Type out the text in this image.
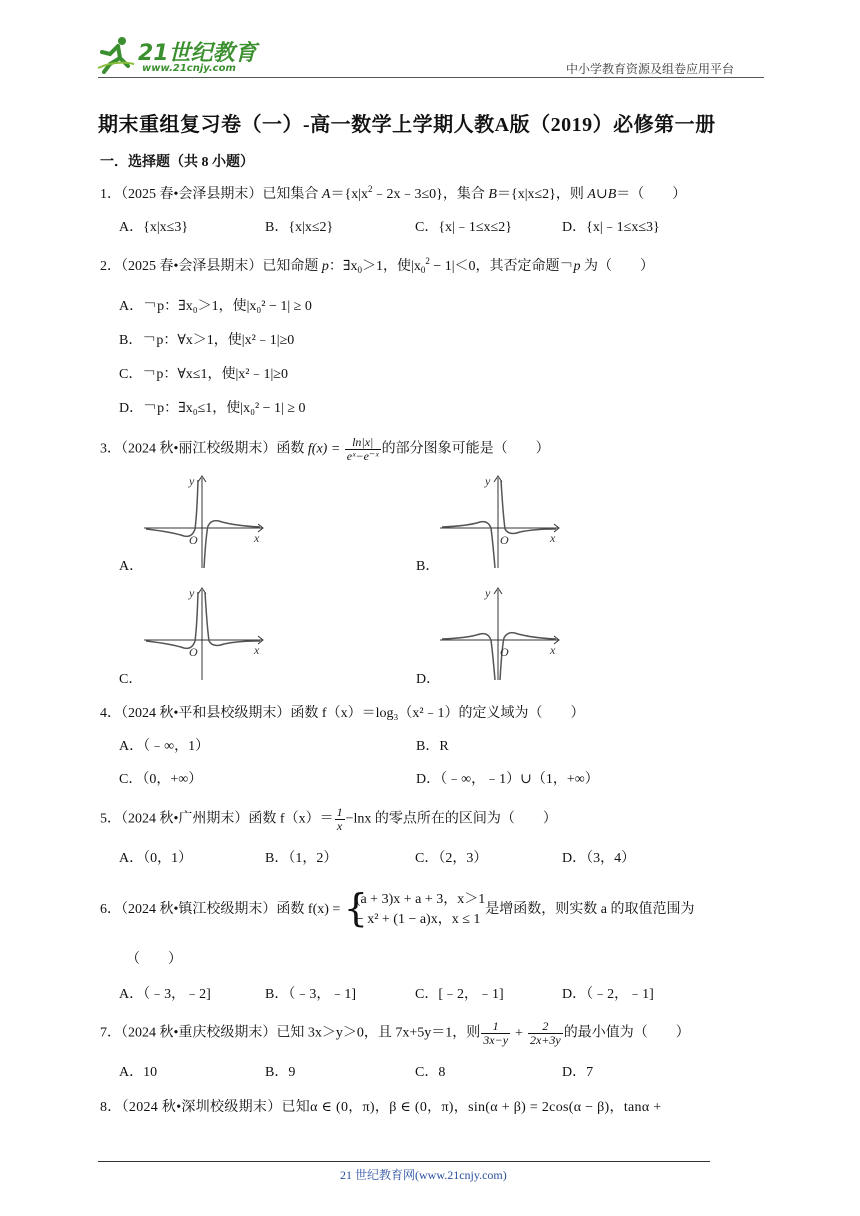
21世纪教育
www.21cnjy.com	中小学教育资源及组卷应用平台
期末重组复习卷（一）-高一数学上学期人教A版（2019）必修第一册
一．选择题（共 8 小题）
1．（2025 春•会泽县期末）已知集合 $A=\{x|x^2﹣2x﹣3\le 0\}$，集合 B＝{x|x≤2}，则 A∪B＝（　　）
A．{x|x≤3}	B．{x|x≤2}	C．{x|﹣1≤x≤2}	D．{x|﹣1≤x≤3}
2．（2025 春•会泽县期末）已知命题 p：$\exists x_0>1$，使$|x_0^2 - 1|<0$，其否定命题￢p 为（　　）
A．￢p：∃x₀＞1，使|x₀² − 1| ≥ 0
B．￢p：∀x＞1，使|x²﹣1|≥0
C．￢p：∀x≤1，使|x²﹣1|≥0
D．￢p：∃x₀≤1，使|x₀² − 1| ≥ 0
3．（2024 秋•丽江校级期末）函数 $f(x) = \frac{\ln|x|}{\text{eˣ−e⁻ˣ}}$ 的部分图象可能是（　　）
A．
y
x
O
B．
y
x
O
C．
y
x
O
D．
y
x
O
4．（2024 秋•平和县校级期末）函数 f（x）＝log₃（x²﹣1）的定义域为（　　）
A．（﹣∞，1）	B．R
C．（0，+∞）	D．（﹣∞，﹣1）∪（1，+∞）
5．（2024 秋•广州期末）函数 $f(x)= \frac{1}{x} -\ln x$ 的零点所在的区间为（　　）
A．（0，1）	B．（1，2）	C．（2，3）	D．（3，4）
6．（2024 秋•镇江校级期末）函数 f(x) = {
(a + 3)x + a + 3，x＞1
− x² + (1 − a)x，x ≤ 1
是增函数，则实数 a 的取值范围为
（　　）
A．（﹣3，﹣2]	B．（﹣3，﹣1]	C．[﹣2，﹣1]	D．（﹣2，﹣1]
7．（2024 秋•重庆校级期末）已知 3x＞y＞0，且 7x+5y＝1，则 $\frac{1}{3x-y} + \frac{2}{2x+3y}$ 的最小值为（　　）
A．10	B．9	C．8	D．7
8．（2024 秋•深圳校级期末）已知α ∈ (0，π)，β ∈ (0，π)，sin(α + β) = 2cos(α − β)，tanα +
21 世纪教育网(www.21cnjy.com)
